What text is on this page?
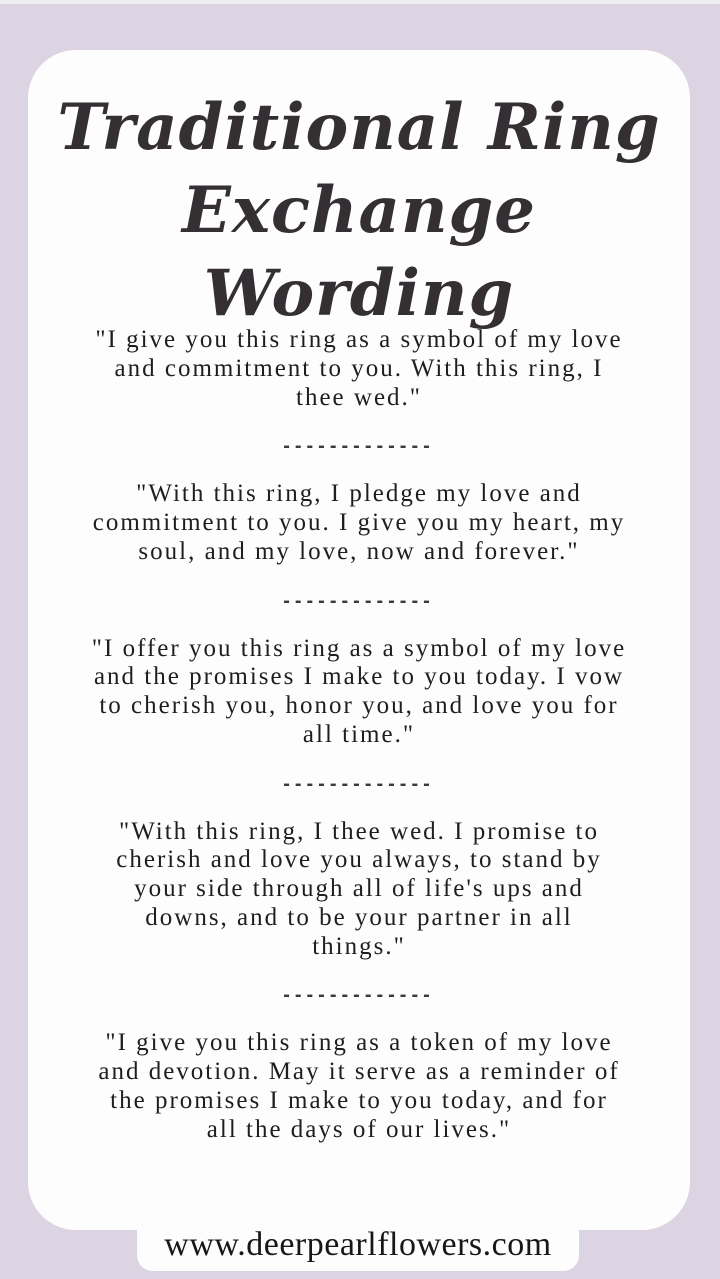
Traditional Ring
Exchange Wording
"I give you this ring as a symbol of my love
and commitment to you. With this ring, I
thee wed."
-------------
"With this ring, I pledge my love and
commitment to you. I give you my heart, my
soul, and my love, now and forever."
-------------
"I offer you this ring as a symbol of my love
and the promises I make to you today. I vow
to cherish you, honor you, and love you for
all time."
-------------
"With this ring, I thee wed. I promise to
cherish and love you always, to stand by
your side through all of life's ups and
downs, and to be your partner in all
things."
-------------
"I give you this ring as a token of my love
and devotion. May it serve as a reminder of
the promises I make to you today, and for
all the days of our lives."
www.deerpearlflowers.com
